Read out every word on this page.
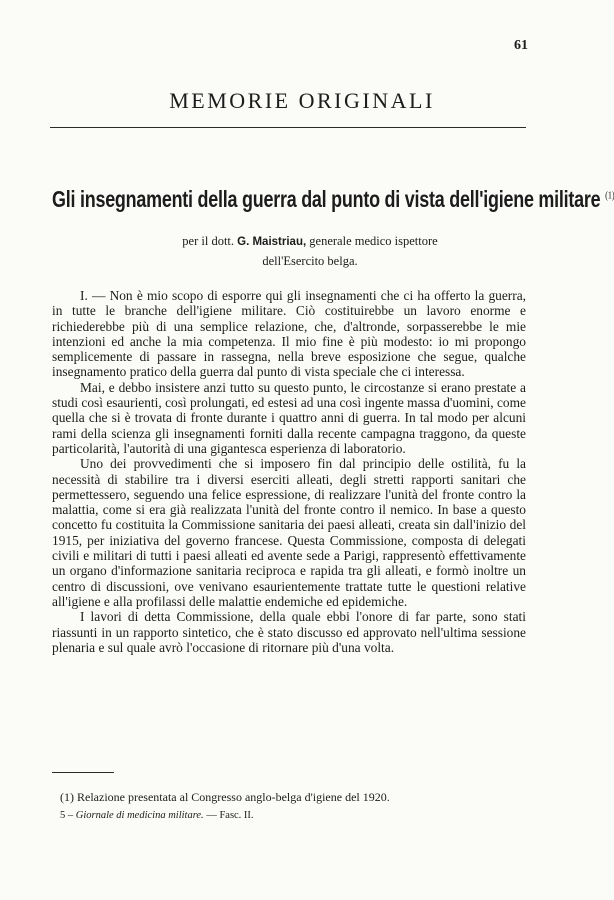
61
MEMORIE ORIGINALI
Gli insegnamenti della guerra dal punto di vista dell'igiene militare $^{(1)}$
per il dott. G. Maistriau, generale medico ispettore
dell'Esercito belga.

I. — Non è mio scopo di esporre qui gli insegnamenti che ci ha offerto la guerra, in tutte le branche dell'igiene militare. Ciò costituirebbe un lavoro enorme e richiederebbe più di una semplice relazione, che, d'altronde, sorpasserebbe le mie intenzioni ed anche la mia competenza. Il mio fine è più modesto: io mi propongo semplicemente di passare in rassegna, nella breve esposizione che segue, qualche insegnamento pratico della guerra dal punto di vista speciale che ci interessa.

Mai, e debbo insistere anzi tutto su questo punto, le circostanze si erano prestate a studi così esaurienti, così prolungati, ed estesi ad una così ingente massa d'uomini, come quella che si è trovata di fronte durante i quattro anni di guerra. In tal modo per alcuni rami della scienza gli insegnamenti forniti dalla recente campagna traggono, da queste particolarità, l'autorità di una gigantesca esperienza di laboratorio.

Uno dei provvedimenti che si imposero fin dal principio delle ostilità, fu la necessità di stabilire tra i diversi eserciti alleati, degli stretti rapporti sanitari che permettessero, seguendo una felice espressione, di realizzare l'unità del fronte contro la malattia, come si era già realizzata l'unità del fronte contro il nemico. In base a questo concetto fu costituita la Commissione sanitaria dei paesi alleati, creata sin dall'inizio del 1915, per iniziativa del governo francese. Questa Commissione, composta di delegati civili e militari di tutti i paesi alleati ed avente sede a Parigi, rappresentò effettivamente un organo d'informazione sanitaria reciproca e rapida tra gli alleati, e formò inoltre un centro di discussioni, ove venivano esaurientemente trattate tutte le questioni relative all'igiene e alla profilassi delle malattie endemiche ed epidemiche.

I lavori di detta Commissione, della quale ebbi l'onore di far parte, sono stati riassunti in un rapporto sintetico, che è stato discusso ed approvato nell'ultima sessione plenaria e sul quale avrò l'occasione di ritornare più d'una volta.

(1) Relazione presentata al Congresso anglo-belga d'igiene del 1920.
5 – Giornale di medicina militare. — Fasc. II.
